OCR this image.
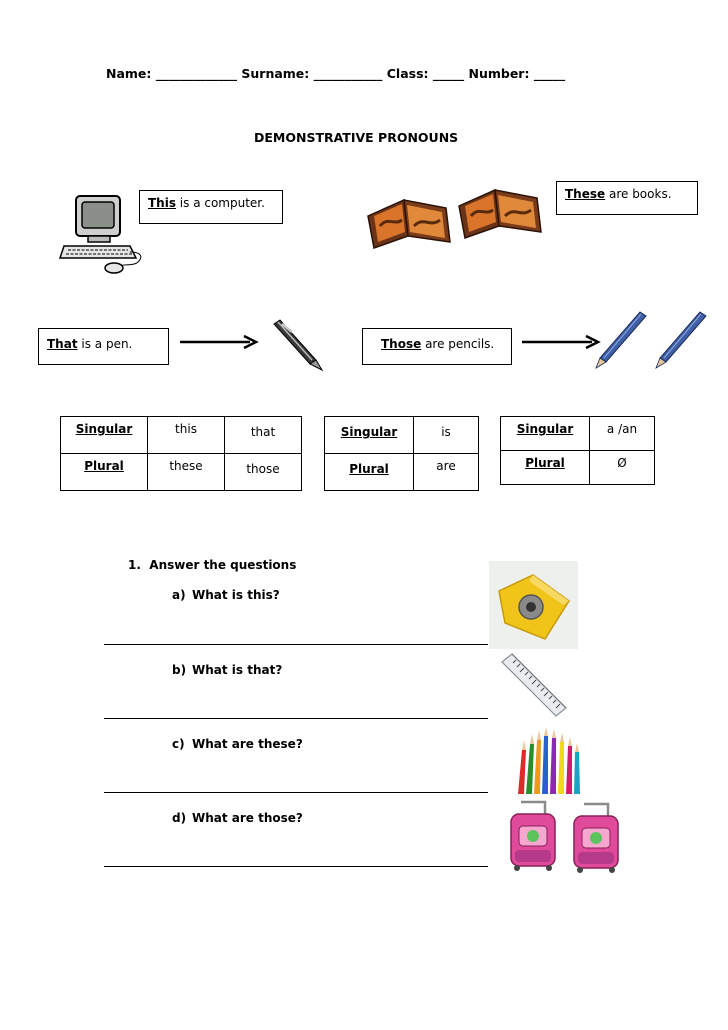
Name: _____________ Surname: ___________ Class: _____ Number: _____
DEMONSTRATIVE PRONOUNS
This is a computer.
These are books.
That is a pen.	Those are pencils.
Singular	this	that
Plural	these	those
Singular	is
Plural	are
Singular	a /an
Plural	Ø
1. Answer the questions
a) What is this?
b) What is that?
c) What are these?
d) What are those?
